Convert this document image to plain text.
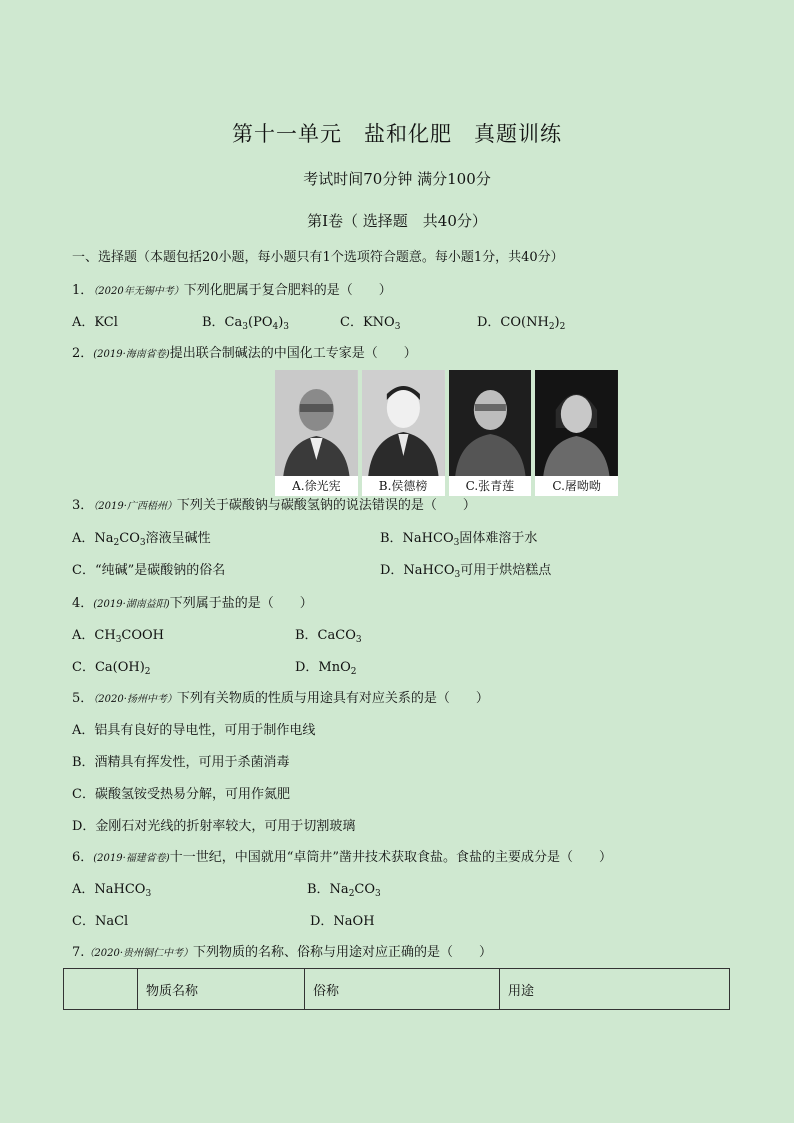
第十一单元　盐和化肥　真题训练
考试时间70分钟 满分100分
第I卷（ 选择题　共40分）
一、选择题（本题包括20小题，每小题只有1个选项符合题意。每小题1分，共40分）
1．（2020年无锡中考）下列化肥属于复合肥料的是（　　）
A．KCl	B．$Ca_3(PO_4)_3$	C．$KNO_3$	D．$CO(NH_2)_2$
2．(2019·海南省卷)提出联合制碱法的中国化工专家是（　　）
A.徐光宪	B.侯德榜	C.张青莲	C.屠呦呦
3．（2019·广西梧州）下列关于碳酸钠与碳酸氢钠的说法错误的是（　　）
A．$Na_2CO_3$溶液呈碱性	B．NaHCO$_3$固体难溶于水
C．“纯碱”是碳酸钠的俗名	D．NaHCO$_3$可用于烘焙糕点
4．(2019·湖南益阳)下列属于盐的是（　　）
A．$CH_3COOH$	B．CaCO$_3$
C．$Ca(OH)_2$	D．MnO$_2$
5．（2020·扬州中考）下列有关物质的性质与用途具有对应关系的是（　　）
A．铝具有良好的导电性，可用于制作电线
B．酒精具有挥发性，可用于杀菌消毒
C．碳酸氢铵受热易分解，可用作氮肥
D．金刚石对光线的折射率较大，可用于切割玻璃
6．(2019·福建省卷)十一世纪，中国就用“卓筒井”凿井技术获取食盐。食盐的主要成分是（　　）
A．NaHCO$_3$	B．$Na_2CO_3$
C．NaCl	D．NaOH
7.（2020·贵州铜仁中考）下列物质的名称、俗称与用途对应正确的是（　　）
	物质名称	俗称	用途
